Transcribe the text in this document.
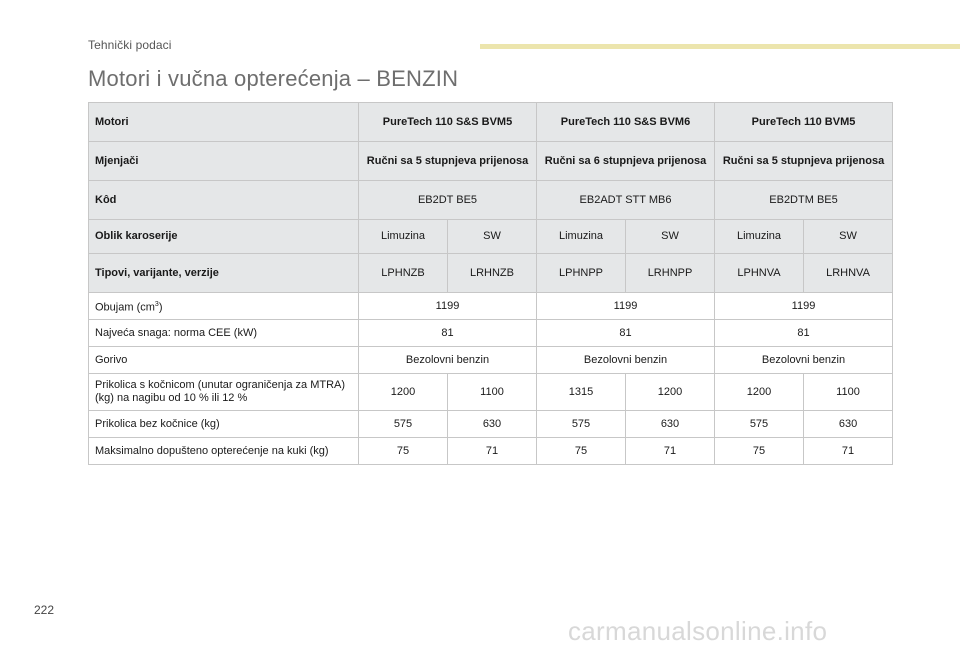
Tehnički podaci
Motori i vučna opterećenja – BENZIN
Motori	PureTech 110 S&S BVM5		PureTech 110 S&S BVM6		PureTech 110 BVM5	
Mjenjači	Ručni sa 5 stupnjeva prijenosa		Ručni sa 6 stupnjeva prijenosa		Ručni sa 5 stupnjeva prijenosa	
Kôd	EB2DT BE5		EB2ADT STT MB6		EB2DTM BE5	
Oblik karoserije	Limuzina	SW	Limuzina	SW	Limuzina	SW
Tipovi, varijante, verzije	LPHNZB	LRHNZB	LPHNPP	LRHNPP	LPHNVA	LRHNVA
Obujam $(cm^3)$	1199		1199		1199	
Najveća snaga: norma CEE (kW)	81		81		81	
Gorivo	Bezolovni benzin		Bezolovni benzin		Bezolovni benzin	
Prikolica s kočnicom (unutar ograničenja za MTRA) (kg) na nagibu od 10 % ili 12 %	1200	1100	1315	1200	1200	1100
Prikolica bez kočnice (kg)	575	630	575	630	575	630
Maksimalno dopušteno opterećenje na kuki (kg)	75	71	75	71	75	71
222
carmanualsonline.info
